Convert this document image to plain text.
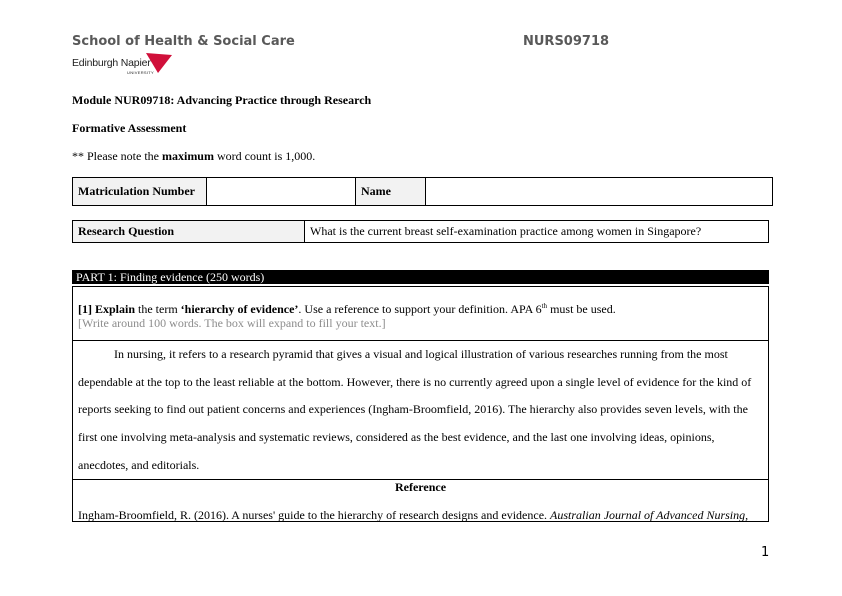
School of Health & Social Care	NURS09718
Edinburgh Napier
UNIVERSITY
Module NUR09718: Advancing Practice through Research
Formative Assessment
** Please note the maximum word count is 1,000.
Matriculation Number		Name	
Research Question	What is the current breast self-examination practice among women in Singapore?
PART 1: Finding evidence (250 words)
[1] Explain the term ‘hierarchy of evidence’. Use a reference to support your definition. APA 6th must be used.
[Write around 100 words. The box will expand to fill your text.]

In nursing, it refers to a research pyramid that gives a visual and logical illustration of various researches running from the most dependable at the top to the least reliable at the bottom. However, there is no currently agreed upon a single level of evidence for the kind of reports seeking to find out patient concerns and experiences (Ingham-Broomfield, 2016). The hierarchy also provides seven levels, with the first one involving meta-analysis and systematic reviews, considered as the best evidence, and the last one involving ideas, opinions, anecdotes, and editorials.

Reference
Ingham-Broomfield, R. (2016). A nurses' guide to the hierarchy of research designs and evidence. Australian Journal of Advanced Nursing,
1
